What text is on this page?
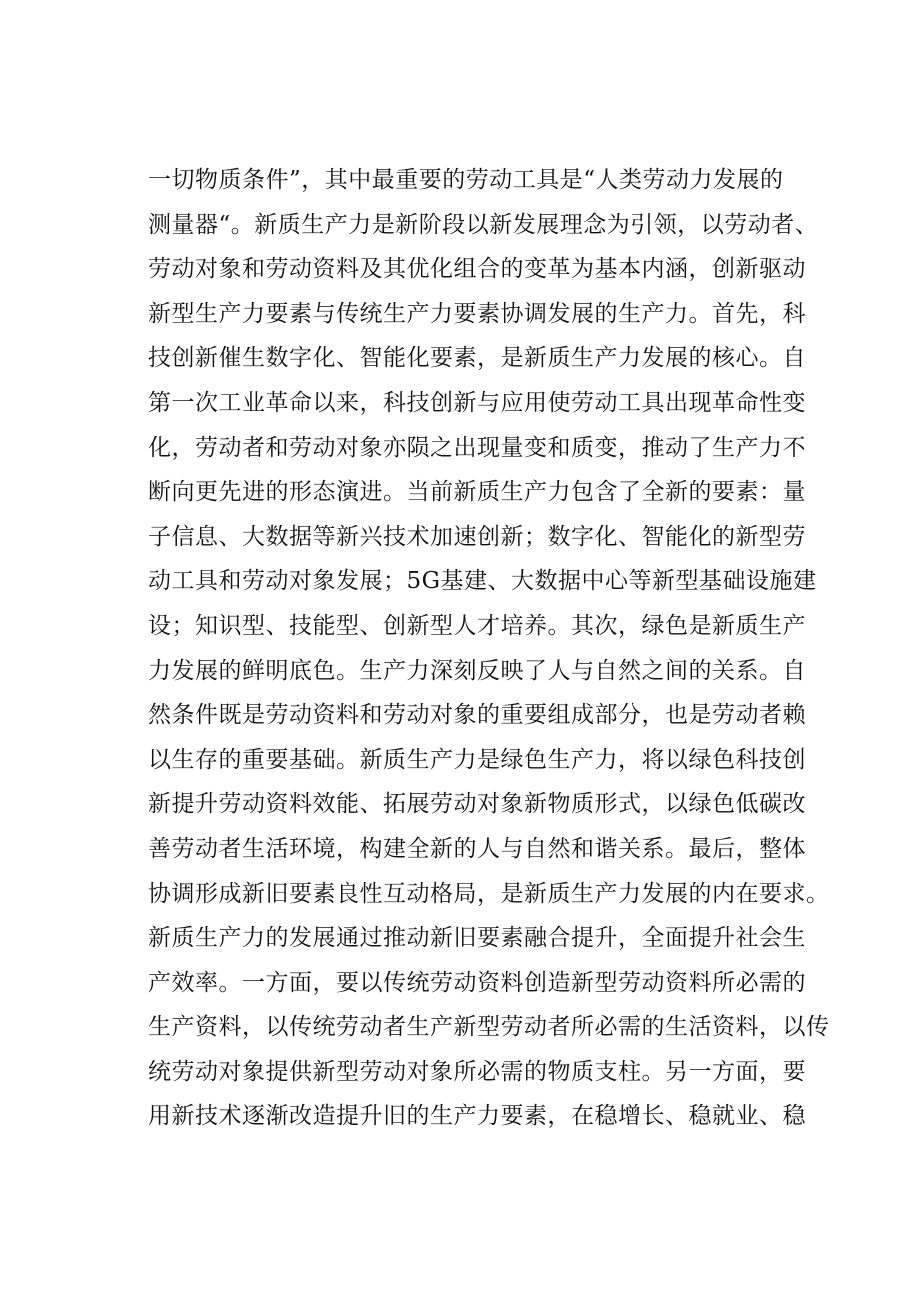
一切物质条件”，其中最重要的劳动工具是“人类劳动力发展的
测量器“。新质生产力是新阶段以新发展理念为引领，以劳动者、
劳动对象和劳动资料及其优化组合的变革为基本内涵，创新驱动
新型生产力要素与传统生产力要素协调发展的生产力。首先，科
技创新催生数字化、智能化要素，是新质生产力发展的核心。自
第一次工业革命以来，科技创新与应用使劳动工具出现革命性变
化，劳动者和劳动对象亦陨之出现量变和质变，推动了生产力不
断向更先进的形态演进。当前新质生产力包含了全新的要素：量
子信息、大数据等新兴技术加速创新；数字化、智能化的新型劳
动工具和劳动对象发展；5G基建、大数据中心等新型基础设施建
设；知识型、技能型、创新型人才培养。其次，绿色是新质生产
力发展的鲜明底色。生产力深刻反映了人与自然之间的关系。自
然条件既是劳动资料和劳动对象的重要组成部分，也是劳动者赖
以生存的重要基础。新质生产力是绿色生产力，将以绿色科技创
新提升劳动资料效能、拓展劳动对象新物质形式，以绿色低碳改
善劳动者生活环境，构建全新的人与自然和谐关系。最后，整体
协调形成新旧要素良性互动格局，是新质生产力发展的内在要求。
新质生产力的发展通过推动新旧要素融合提升，全面提升社会生
产效率。一方面，要以传统劳动资料创造新型劳动资料所必需的
生产资料，以传统劳动者生产新型劳动者所必需的生活资料，以传
统劳动对象提供新型劳动对象所必需的物质支柱。另一方面，要
用新技术逐渐改造提升旧的生产力要素，在稳增长、稳就业、稳
